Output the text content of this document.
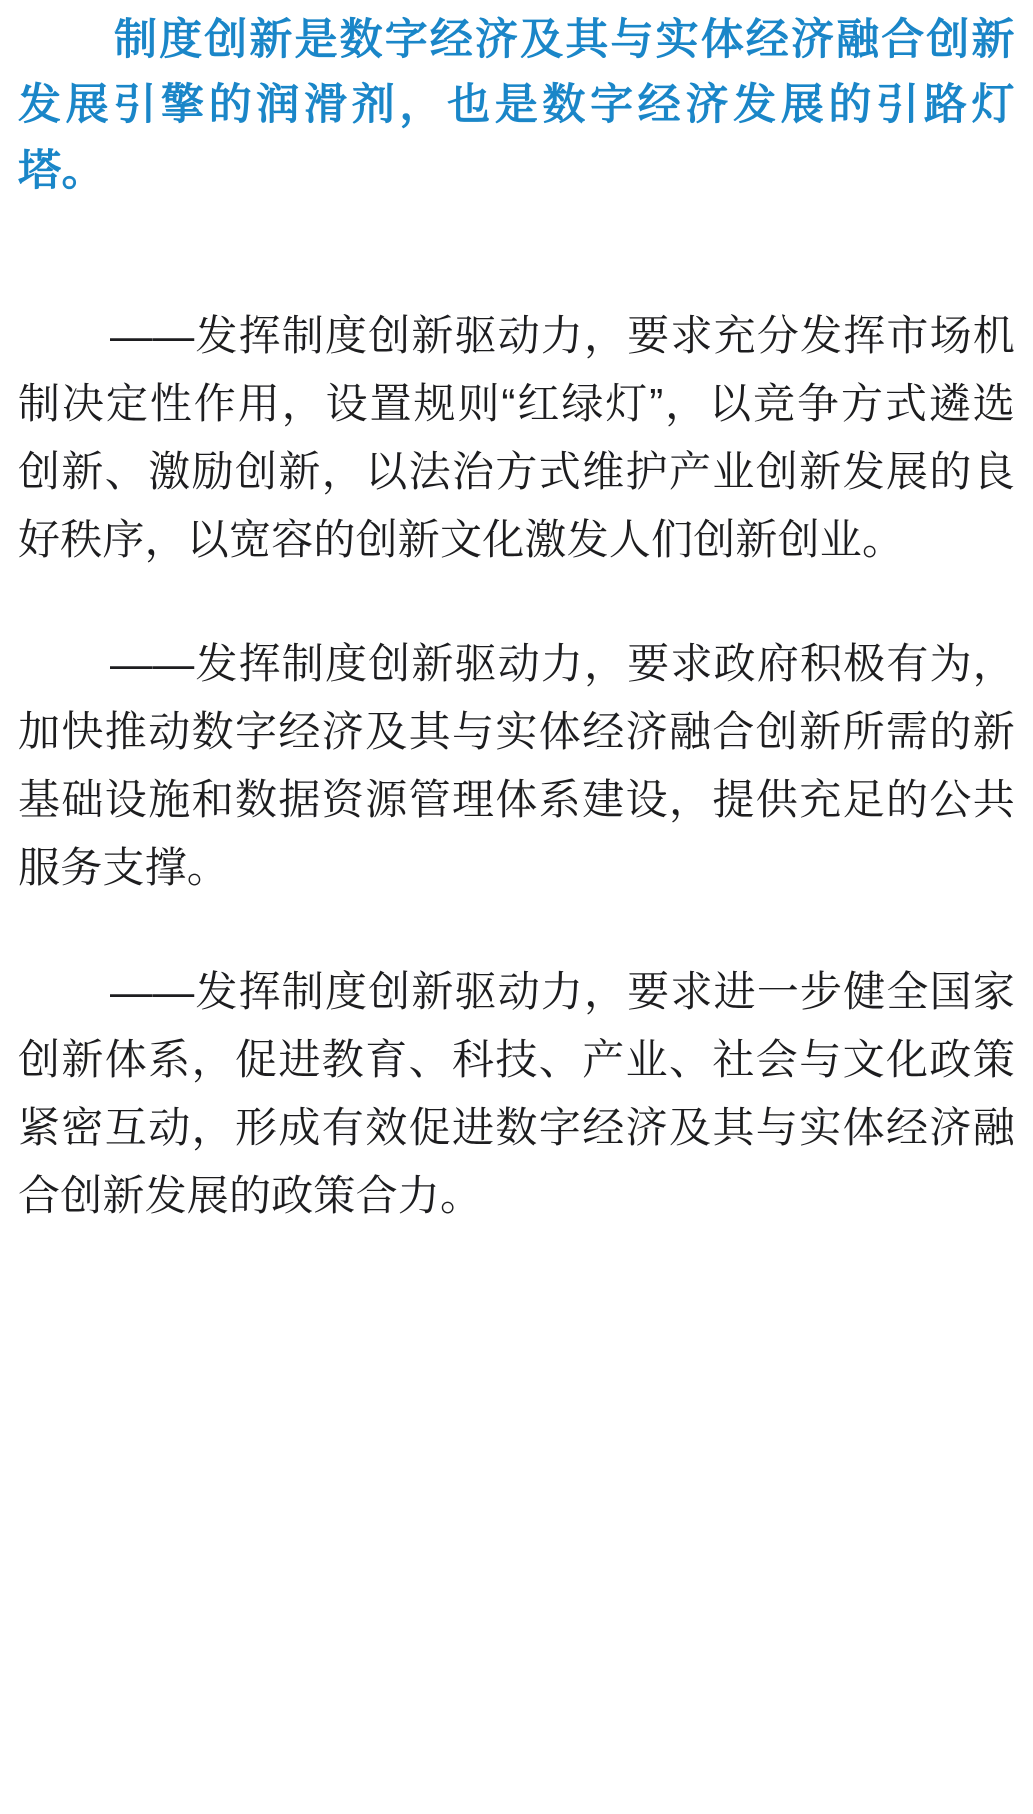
制度创新是数字经济及其与实体经济融合创新发展引擎的润滑剂，也是数字经济发展的引路灯塔。

——发挥制度创新驱动力，要求充分发挥市场机制决定性作用，设置规则“红绿灯”，以竞争方式遴选创新、激励创新，以法治方式维护产业创新发展的良好秩序，以宽容的创新文化激发人们创新创业。

——发挥制度创新驱动力，要求政府积极有为，加快推动数字经济及其与实体经济融合创新所需的新基础设施和数据资源管理体系建设，提供充足的公共服务支撑。

——发挥制度创新驱动力，要求进一步健全国家创新体系，促进教育、科技、产业、社会与文化政策紧密互动，形成有效促进数字经济及其与实体经济融合创新发展的政策合力。
